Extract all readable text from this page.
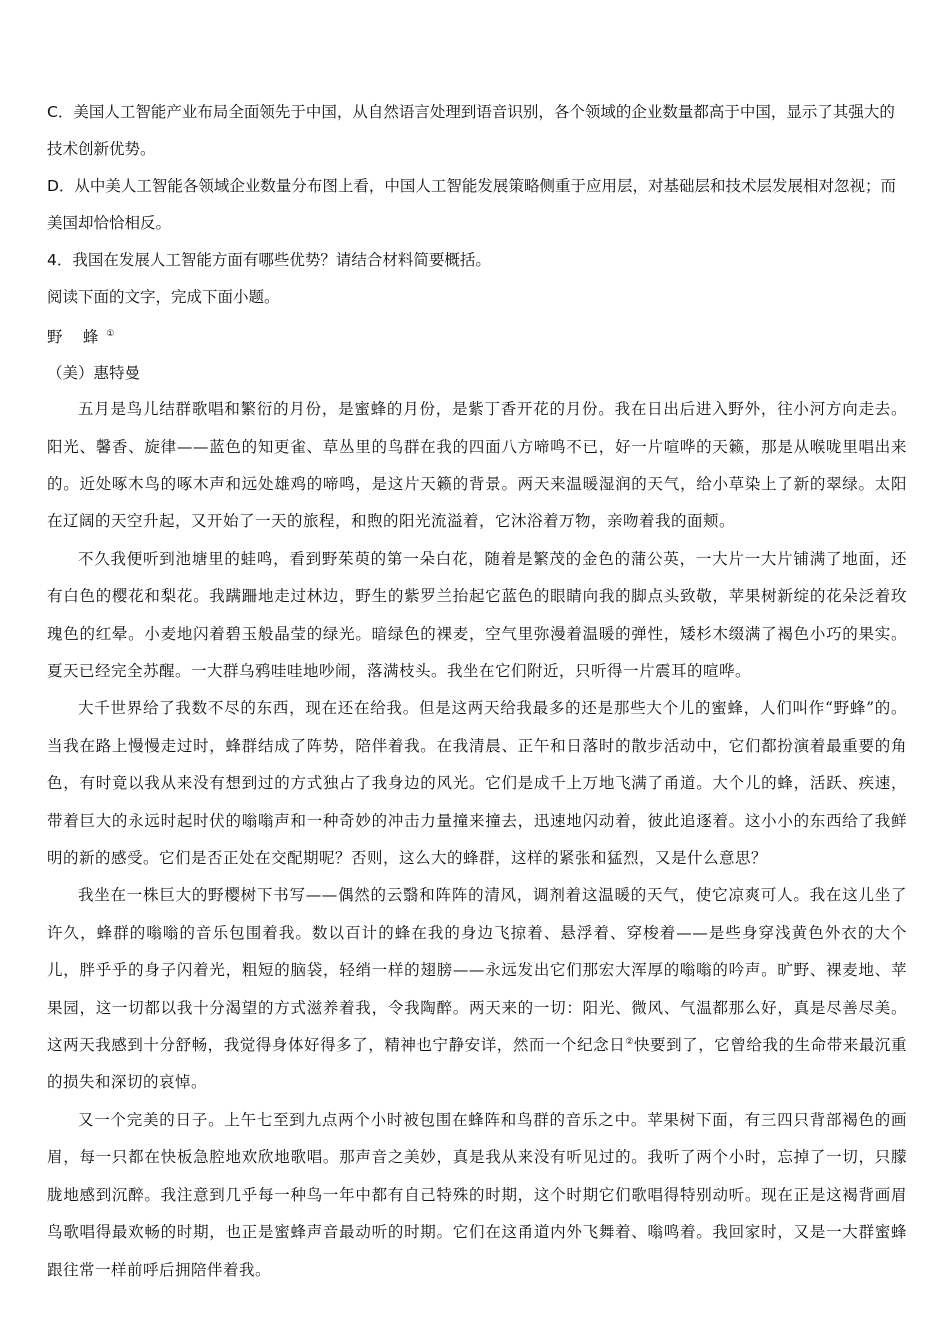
C．美国人工智能产业布局全面领先于中国，从自然语言处理到语音识别，各个领域的企业数量都高于中国，显示了其强大的技术创新优势。

D．从中美人工智能各领域企业数量分布图上看，中国人工智能发展策略侧重于应用层，对基础层和技术层发展相对忽视；而美国却恰恰相反。

4．我国在发展人工智能方面有哪些优势？请结合材料简要概括。

阅读下面的文字，完成下面小题。

野 蜂①

（美）惠特曼

五月是鸟儿结群歌唱和繁衍的月份，是蜜蜂的月份，是紫丁香开花的月份。我在日出后进入野外，往小河方向走去。阳光、馨香、旋律——蓝色的知更雀、草丛里的鸟群在我的四面八方啼鸣不已，好一片喧哗的天籁，那是从喉咙里唱出来的。近处啄木鸟的啄木声和远处雄鸡的啼鸣，是这片天籁的背景。两天来温暖湿润的天气，给小草染上了新的翠绿。太阳在辽阔的天空升起，又开始了一天的旅程，和煦的阳光流溢着，它沐浴着万物，亲吻着我的面颊。

不久我便听到池塘里的蛙鸣，看到野茱萸的第一朵白花，随着是繁茂的金色的蒲公英，一大片一大片铺满了地面，还有白色的樱花和梨花。我蹒跚地走过林边，野生的紫罗兰抬起它蓝色的眼睛向我的脚点头致敬，苹果树新绽的花朵泛着玫瑰色的红晕。小麦地闪着碧玉般晶莹的绿光。暗绿色的裸麦，空气里弥漫着温暖的弹性，矮杉木缀满了褐色小巧的果实。夏天已经完全苏醒。一大群乌鸦哇哇地吵闹，落满枝头。我坐在它们附近，只听得一片震耳的喧哗。

大千世界给了我数不尽的东西，现在还在给我。但是这两天给我最多的还是那些大个儿的蜜蜂，人们叫作“野蜂”的。当我在路上慢慢走过时，蜂群结成了阵势，陪伴着我。在我清晨、正午和日落时的散步活动中，它们都扮演着最重要的角色，有时竟以我从来没有想到过的方式独占了我身边的风光。它们是成千上万地飞满了甬道。大个儿的蜂，活跃、疾速，带着巨大的永远时起时伏的嗡嗡声和一种奇妙的冲击力量撞来撞去，迅速地闪动着，彼此追逐着。这小小的东西给了我鲜明的新的感受。它们是否正处在交配期呢？否则，这么大的蜂群，这样的紧张和猛烈，又是什么意思？

我坐在一株巨大的野樱树下书写——偶然的云翳和阵阵的清风，调剂着这温暖的天气，使它凉爽可人。我在这儿坐了许久，蜂群的嗡嗡的音乐包围着我。数以百计的蜂在我的身边飞掠着、悬浮着、穿梭着——是些身穿浅黄色外衣的大个儿，胖乎乎的身子闪着光，粗短的脑袋，轻绡一样的翅膀——永远发出它们那宏大浑厚的嗡嗡的吟声。旷野、裸麦地、苹果园，这一切都以我十分渴望的方式滋养着我，令我陶醉。两天来的一切：阳光、微风、气温都那么好，真是尽善尽美。这两天我感到十分舒畅，我觉得身体好得多了，精神也宁静安详，然而一个纪念日②快要到了，它曾给我的生命带来最沉重的损失和深切的哀悼。

又一个完美的日子。上午七至到九点两个小时被包围在蜂阵和鸟群的音乐之中。苹果树下面，有三四只背部褐色的画眉，每一只都在快板急腔地欢欣地歌唱。那声音之美妙，真是我从来没有听见过的。我听了两个小时，忘掉了一切，只朦胧地感到沉醉。我注意到几乎每一种鸟一年中都有自己特殊的时期，这个时期它们歌唱得特别动听。现在正是这褐背画眉鸟歌唱得最欢畅的时期，也正是蜜蜂声音最动听的时期。它们在这甬道内外飞舞着、嗡鸣着。我回家时，又是一大群蜜蜂跟往常一样前呼后拥陪伴着我。
